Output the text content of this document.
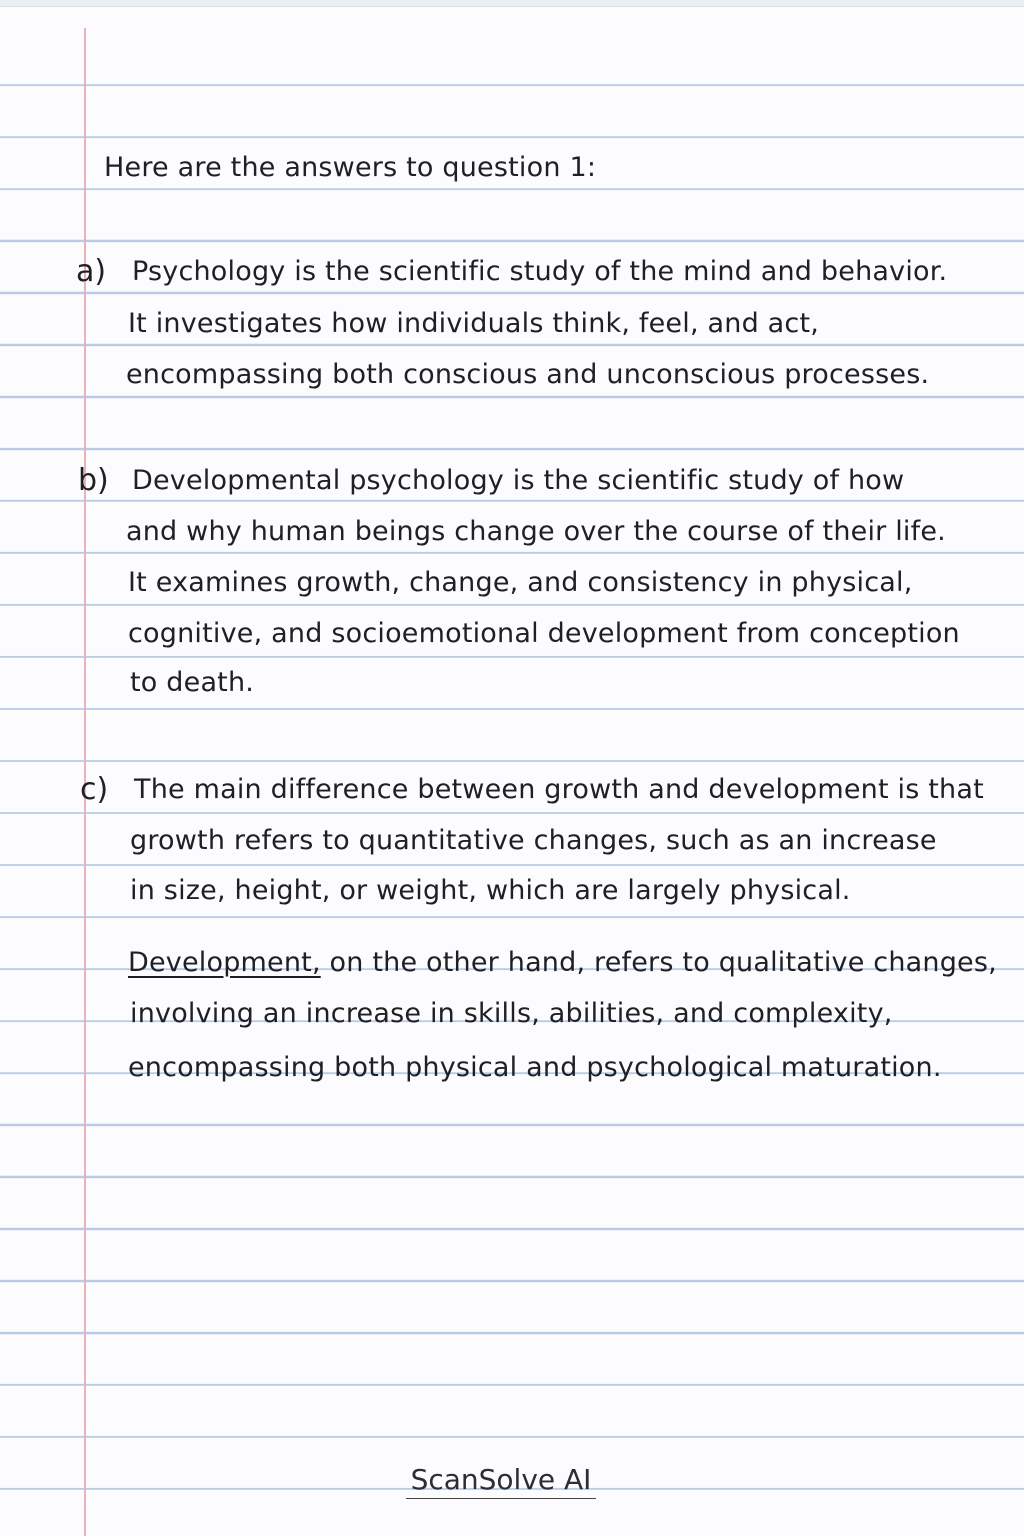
Here are the answers to question 1:
a) Psychology is the scientific study of the mind and behavior.
It investigates how individuals think, feel, and act,
encompassing both conscious and unconscious processes.
b) Developmental psychology is the scientific study of how
and why human beings change over the course of their life.
It examines growth, change, and consistency in physical,
cognitive, and socioemotional development from conception
to death.
c) The main difference between growth and development is that
growth refers to quantitative changes, such as an increase
in size, height, or weight, which are largely physical.
Development, on the other hand, refers to qualitative changes,
involving an increase in skills, abilities, and complexity,
encompassing both physical and psychological maturation.
ScanSolve AI
